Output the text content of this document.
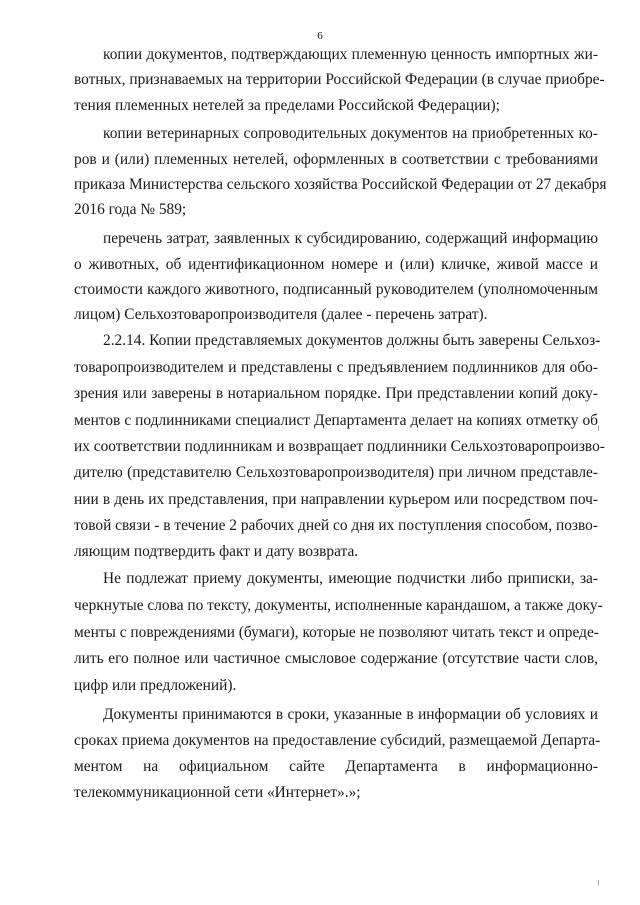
6
копии документов, подтверждающих племенную ценность импортных жи-
вотных, признаваемых на территории Российской Федерации (в случае приобре-
тения племенных нетелей за пределами Российской Федерации);
копии ветеринарных сопроводительных документов на приобретенных ко-
ров и (или) племенных нетелей, оформленных в соответствии с требованиями
приказа Министерства сельского хозяйства Российской Федерации от 27 декабря
2016 года № 589;
перечень затрат, заявленных к субсидированию, содержащий информацию
о животных, об идентификационном номере и (или) кличке, живой массе и
стоимости каждого животного, подписанный руководителем (уполномоченным
лицом) Сельхозтоваропроизводителя (далее - перечень затрат).
2.2.14. Копии представляемых документов должны быть заверены Сельхоз-
товаропроизводителем и представлены с предъявлением подлинников для обо-
зрения или заверены в нотариальном порядке. При представлении копий доку-
ментов с подлинниками специалист Департамента делает на копиях отметку об
их соответствии подлинникам и возвращает подлинники Сельхозтоваропроизво-
дителю (представителю Сельхозтоваропроизводителя) при личном представле-
нии в день их представления, при направлении курьером или посредством поч-
товой связи - в течение 2 рабочих дней со дня их поступления способом, позво-
ляющим подтвердить факт и дату возврата.
Не подлежат приему документы, имеющие подчистки либо приписки, за-
черкнутые слова по тексту, документы, исполненные карандашом, а также доку-
менты с повреждениями (бумаги), которые не позволяют читать текст и опреде-
лить его полное или частичное смысловое содержание (отсутствие части слов,
цифр или предложений).
Документы принимаются в сроки, указанные в информации об условиях и
сроках приема документов на предоставление субсидий, размещаемой Департа-
ментом на официальном сайте Департамента в информационно-
телекоммуникационной сети «Интернет».»;
